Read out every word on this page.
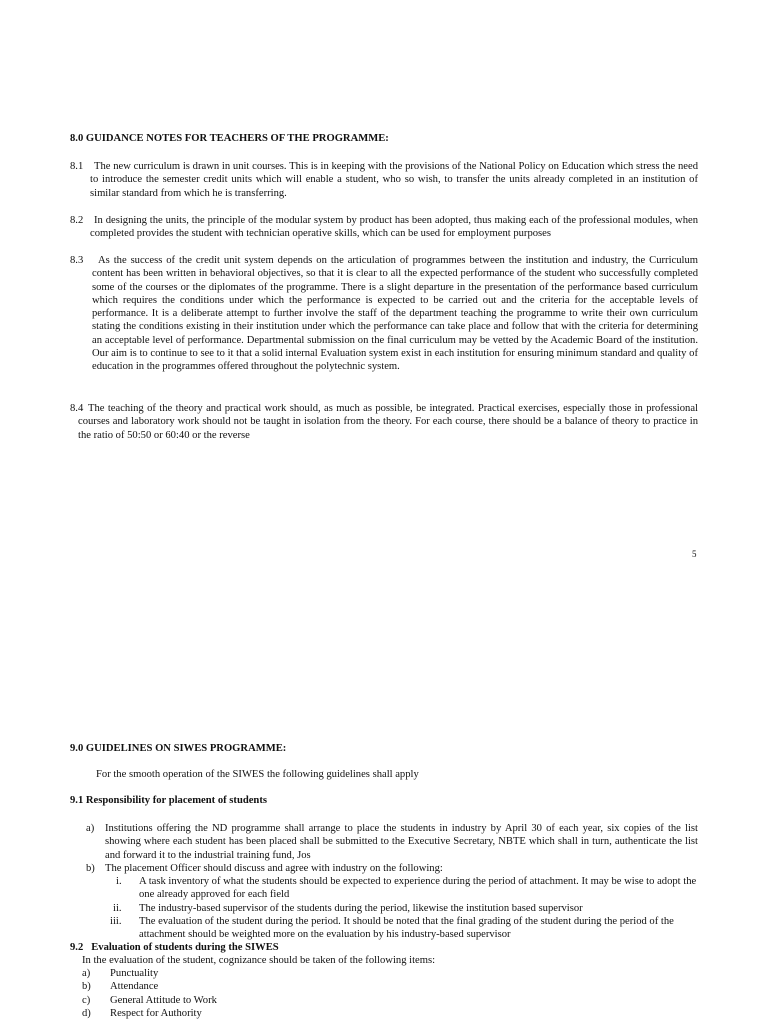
8.0 GUIDANCE NOTES FOR TEACHERS OF THE PROGRAMME:
8.1	The new curriculum is drawn in unit courses. This is in keeping with the provisions of the National Policy on Education which stress the need to introduce the semester credit units which will enable a student, who so wish, to transfer the units already completed in an institution of similar standard from which he is transferring.
8.2	In designing the units, the principle of the modular system by product has been adopted, thus making each of the professional modules, when completed provides the student with technician operative skills, which can be used for employment purposes
8.3	As the success of the credit unit system depends on the articulation of programmes between the institution and industry, the Curriculum content has been written in behavioral objectives, so that it is clear to all the expected performance of the student who successfully completed some of the courses or the diplomates of the programme. There is a slight departure in the presentation of the performance based curriculum which requires the conditions under which the performance is expected to be carried out and the criteria for the acceptable levels of performance. It is a deliberate attempt to further involve the staff of the department teaching the programme to write their own curriculum stating the conditions existing in their institution under which the performance can take place and follow that with the criteria for determining an acceptable level of performance. Departmental submission on the final curriculum may be vetted by the Academic Board of the institution. Our aim is to continue to see to it that a solid internal Evaluation system exist in each institution for ensuring minimum standard and quality of education in the programmes offered throughout the polytechnic system.
8.4 The teaching of the theory and practical work should, as much as possible, be integrated. Practical exercises, especially those in professional courses and laboratory work should not be taught in isolation from the theory. For each course, there should be a balance of theory to practice in the ratio of 50:50 or 60:40 or the reverse
5
9.0 GUIDELINES ON SIWES PROGRAMME:
For the smooth operation of the SIWES the following guidelines shall apply
9.1 Responsibility for placement of students
a) Institutions offering the ND programme shall arrange to place the students in industry by April 30 of each year, six copies of the list showing where each student has been placed shall be submitted to the Executive Secretary, NBTE which shall in turn, authenticate the list and forward it to the industrial training fund, Jos
b) The placement Officer should discuss and agree with industry on the following:
i. A task inventory of what the students should be expected to experience during the period of attachment. It may be wise to adopt the one already approved for each field
ii. The industry-based supervisor of the students during the period, likewise the institution based supervisor
iii. The evaluation of the student during the period. It should be noted that the final grading of the student during the period of the attachment should be weighted more on the evaluation by his industry-based supervisor
9.2 Evaluation of students during the SIWES
In the evaluation of the student, cognizance should be taken of the following items:
a) Punctuality
b) Attendance
c) General Attitude to Work
d) Respect for Authority
